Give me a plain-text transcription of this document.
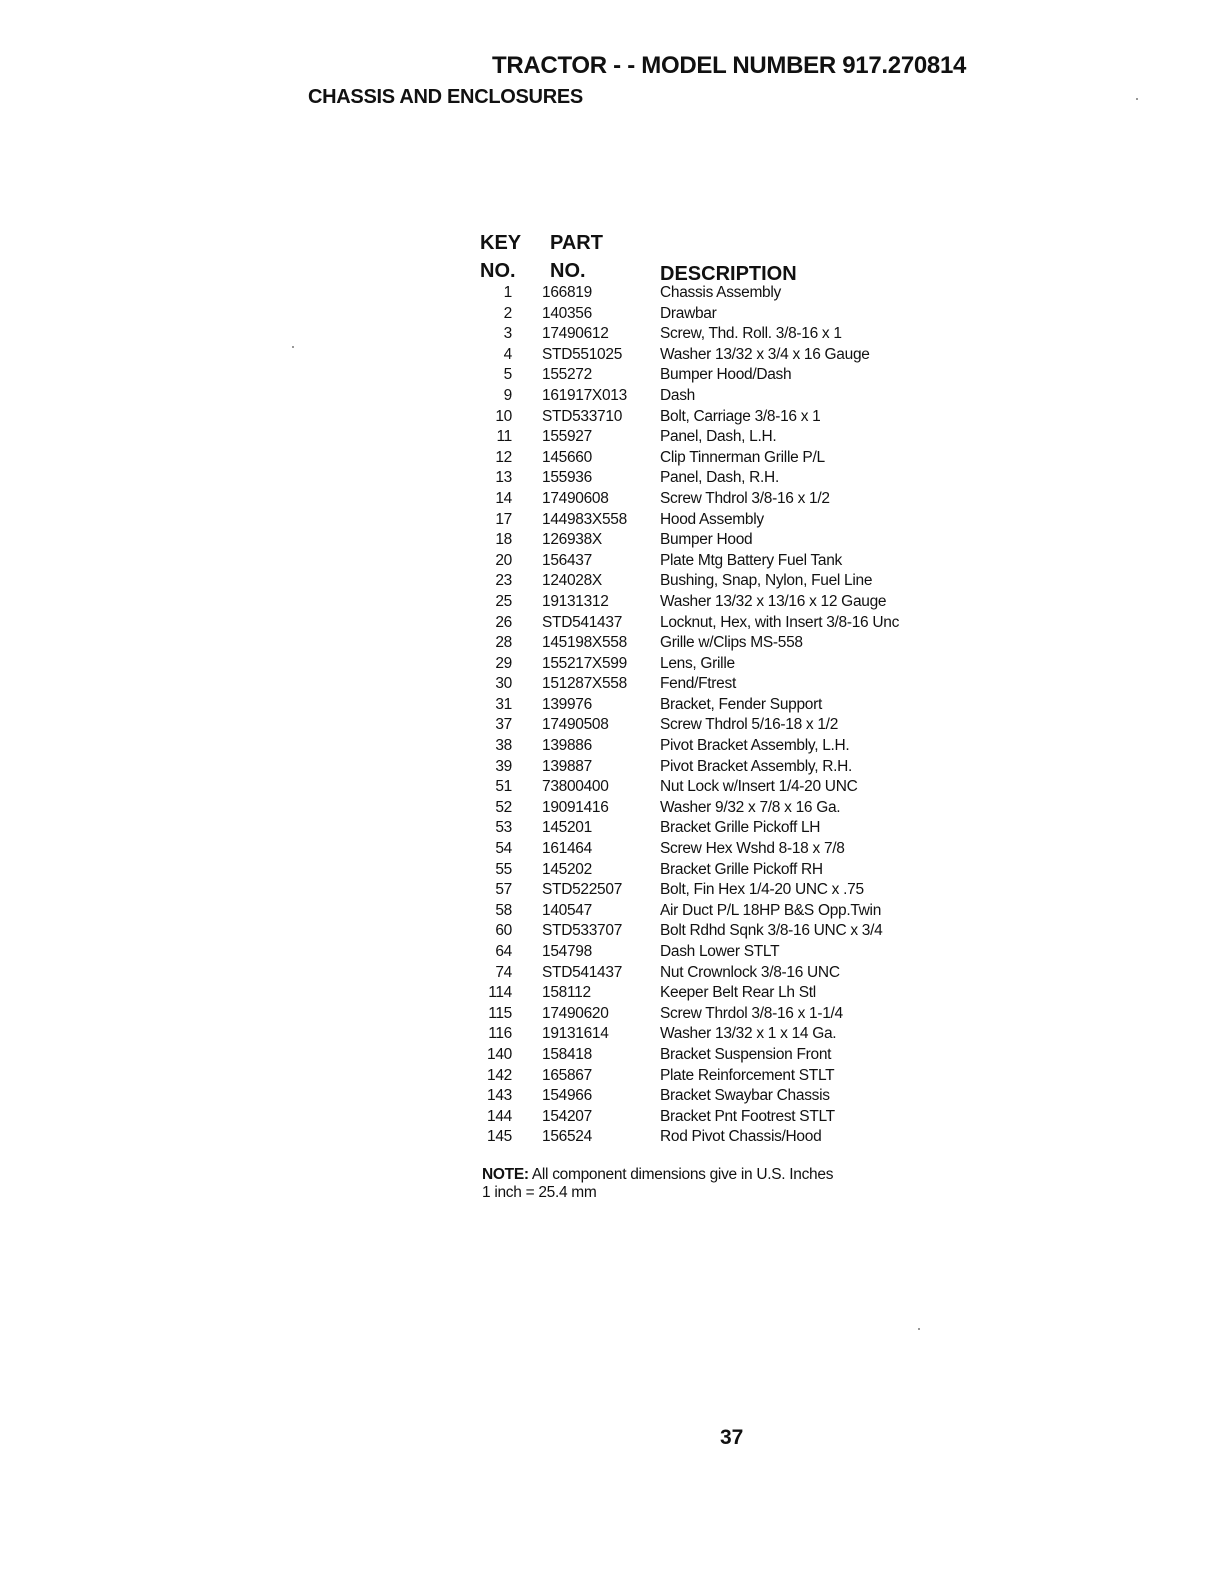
TRACTOR - - MODEL NUMBER 917.270814
CHASSIS AND ENCLOSURES
KEY PART
NO. NO.	DESCRIPTION
1 166819	Chassis Assembly
2 140356	Drawbar
3 17490612	Screw, Thd. Roll. 3/8-16 x 1
4 STD551025 Washer 13/32 x 3/4 x 16 Gauge
5 155272	Bumper Hood/Dash
9 161917X013 Dash
10 STD533710 Bolt, Carriage 3/8-16 x 1
11 155927	Panel, Dash, L.H.
12 145660	Clip Tinnerman Grille P/L
13 155936	Panel, Dash, R.H.
14 17490608	Screw Thdrol 3/8-16 x 1/2
17 144983X558 Hood Assembly
18 126938X	Bumper Hood
20 156437	Plate Mtg Battery Fuel Tank
23 124028X	Bushing, Snap, Nylon, Fuel Line
25 19131312	Washer 13/32 x 13/16 x 12 Gauge
26 STD541437 Locknut, Hex, with Insert 3/8-16 Unc
28 145198X558 Grille w/Clips MS-558
29 155217X599 Lens, Grille
30 151287X558 Fend/Ftrest
31 139976	Bracket, Fender Support
37 17490508	Screw Thdrol 5/16-18 x 1/2
38 139886	Pivot Bracket Assembly, L.H.
39 139887	Pivot Bracket Assembly, R.H.
51 73800400	Nut Lock w/Insert 1/4-20 UNC
52 19091416	Washer 9/32 x 7/8 x 16 Ga.
53 145201	Bracket Grille Pickoff LH
54 161464	Screw Hex Wshd 8-18 x 7/8
55 145202	Bracket Grille Pickoff RH
57 STD522507 Bolt, Fin Hex 1/4-20 UNC x .75
58 140547	Air Duct P/L 18HP B&S Opp.Twin
60 STD533707 Bolt Rdhd Sqnk 3/8-16 UNC x 3/4
64 154798	Dash Lower STLT
74 STD541437 Nut Crownlock 3/8-16 UNC
114 158112	Keeper Belt Rear Lh Stl
115 17490620	Screw Thrdol 3/8-16 x 1-1/4
116 19131614	Washer 13/32 x 1 x 14 Ga.
140 158418	Bracket Suspension Front
142 165867	Plate Reinforcement STLT
143 154966	Bracket Swaybar Chassis
144 154207	Bracket Pnt Footrest STLT
145 156524	Rod Pivot Chassis/Hood
NOTE: All component dimensions give in U.S. Inches
1 inch = 25.4 mm
37
